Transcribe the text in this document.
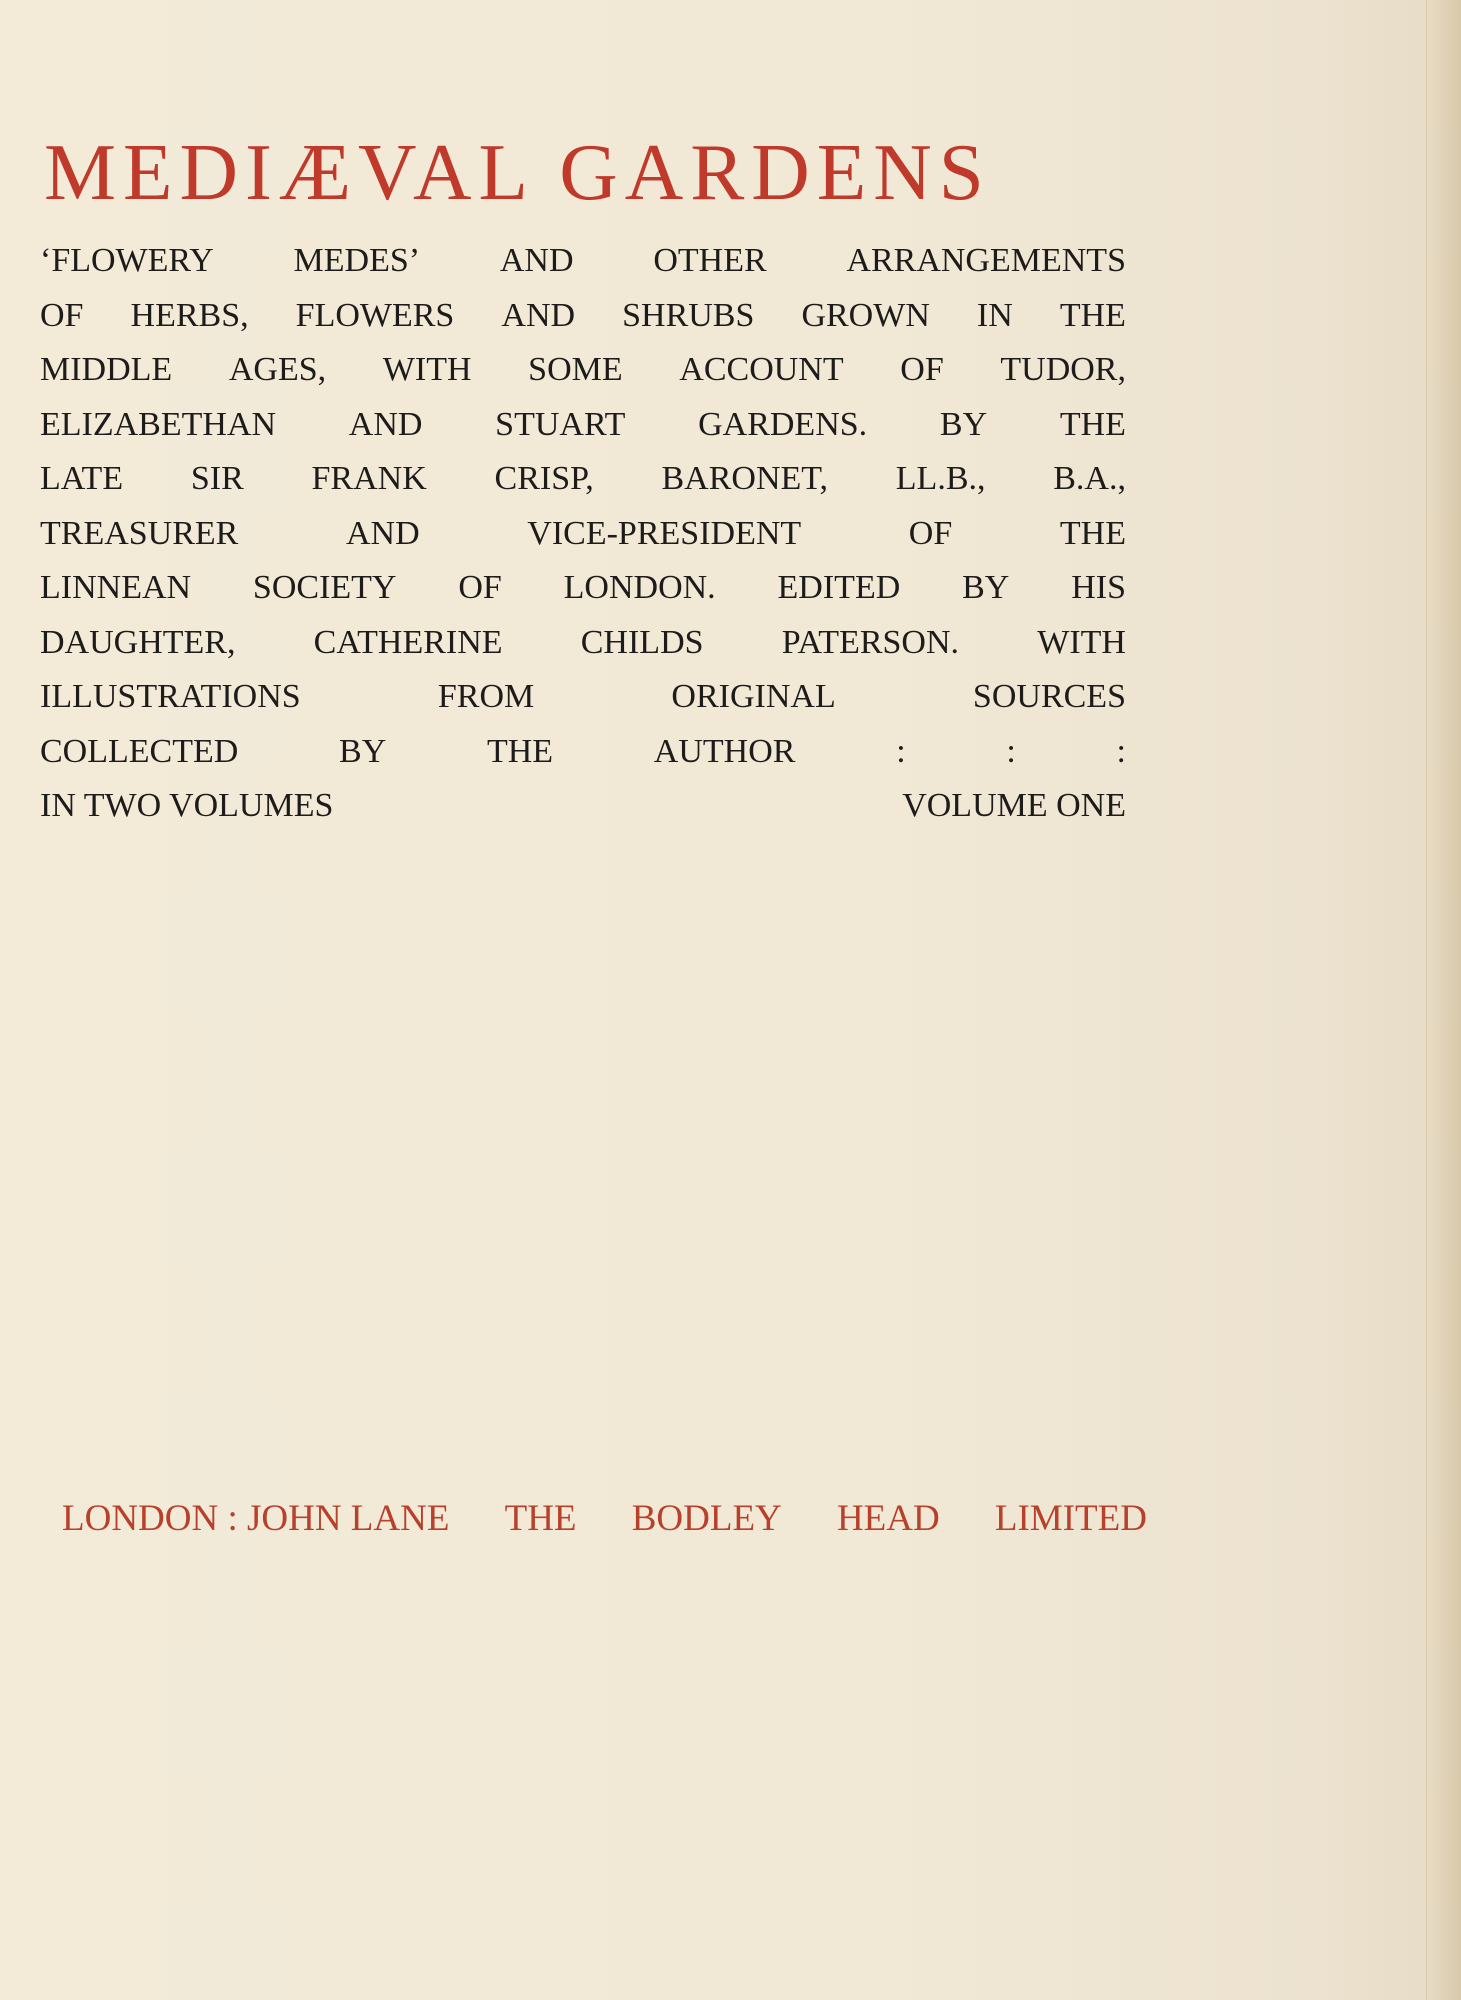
MEDIÆVAL GARDENS
‘FLOWERY MEDES’ AND OTHER ARRANGEMENTS
OF HERBS, FLOWERS AND SHRUBS GROWN IN THE
MIDDLE AGES, WITH SOME ACCOUNT OF TUDOR,
ELIZABETHAN AND STUART GARDENS. BY THE
LATE SIR FRANK CRISP, BARONET, LL.B., B.A.,
TREASURER	AND	VICE-PRESIDENT	OF	THE
LINNEAN SOCIETY OF LONDON. EDITED BY HIS
DAUGHTER, CATHERINE CHILDS PATERSON. WITH
ILLUSTRATIONS	FROM	ORIGINAL	SOURCES
COLLECTED	BY	THE	AUTHOR	:	:	:
IN TWO VOLUMES	VOLUME ONE
LONDON : JOHN LANE THE BODLEY HEAD LIMITED
